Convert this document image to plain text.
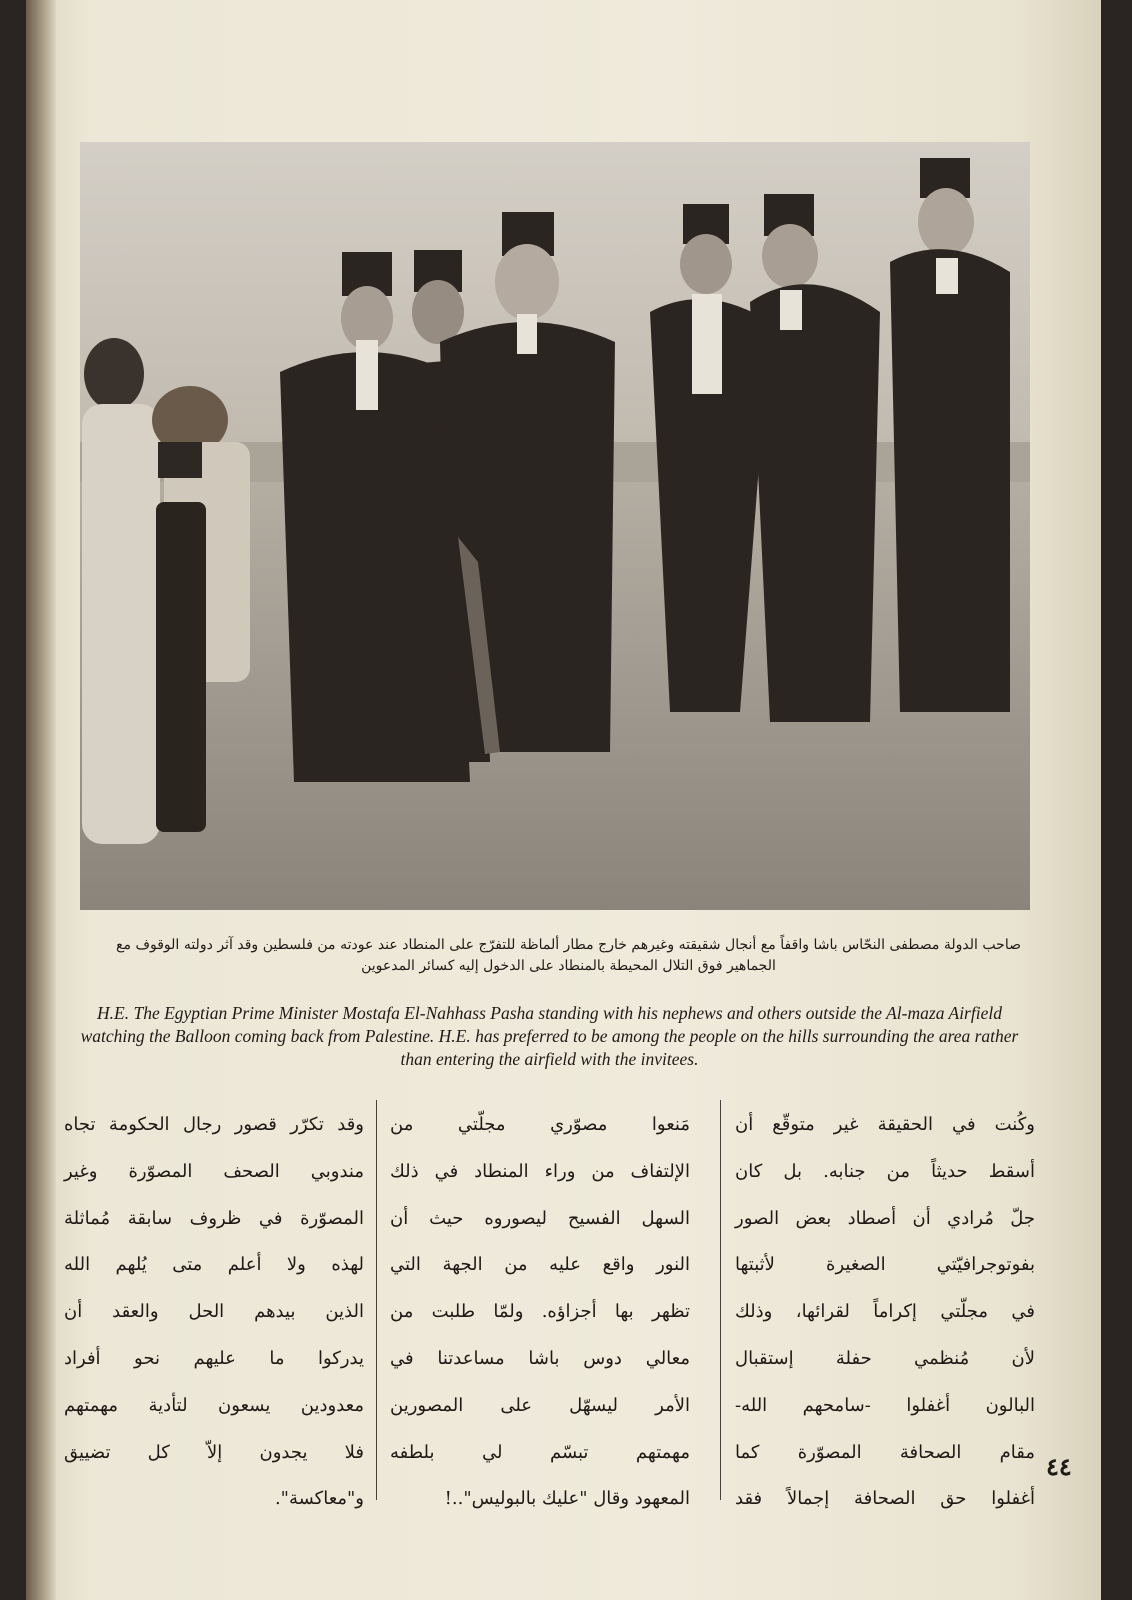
صاحب الدولة مصطفى النحّاس باشا واقفاً مع أنجال شقيقته وغيرهم خارج مطار ألماظة للتفرّج على المنطاد عند عودته من فلسطين وقد آثر دولته الوقوف مع الجماهير فوق التلال المحيطة بالمنطاد على الدخول إليه كسائر المدعوين
H.E. The Egyptian Prime Minister Mostafa El-Nahhass Pasha standing with his nephews and others outside the Al-maza Airfield watching the Balloon coming back from Palestine. H.E. has preferred to be among the people on the hills surrounding the area rather than entering the airfield with the invitees.
وكُنت في الحقيقة غير متوقّع أن
أسقط حديثاً من جنابه. بل كان
جلّ مُرادي أن أصطاد بعض الصور
بفوتوجرافيّتي الصغيرة لأثبتها
في مجلّتي إكراماً لقرائها، وذلك
لأن مُنظمي حفلة إستقبال
البالون أغفلوا -سامحهم الله-
مقام الصحافة المصوّرة كما
أغفلوا حق الصحافة إجمالاً فقد
مَنعوا مصوّري مجلّتي من
الإلتفاف من وراء المنطاد في ذلك
السهل الفسيح ليصوروه حيث أن
النور واقع عليه من الجهة التي
تظهر بها أجزاؤه. ولمّا طلبت من
معالي دوس باشا مساعدتنا في
الأمر ليسهّل على المصورين
مهمتهم تبسّم لي بلطفه
المعهود وقال "عليك بالبوليس"..!
وقد تكرّر قصور رجال الحكومة تجاه
مندوبي الصحف المصوّرة وغير
المصوّرة في ظروف سابقة مُماثلة
لهذه ولا أعلم متى يُلهم الله
الذين بيدهم الحل والعقد أن
يدركوا ما عليهم نحو أفراد
معدودين يسعون لتأدية مهمتهم
فلا يجدون إلاّ كل تضييق
و"معاكسة".
٤٤
